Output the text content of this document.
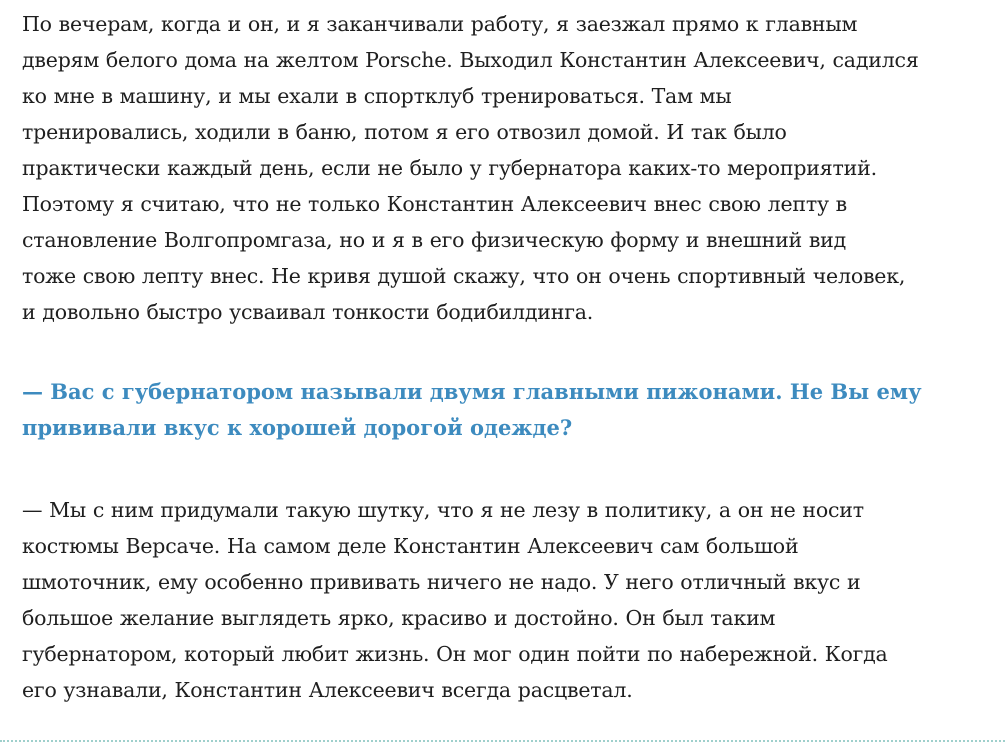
По вечерам, когда и он, и я заканчивали работу, я заезжал прямо к главным
дверям белого дома на желтом Porsche. Выходил Константин Алексеевич, садился
ко мне в машину, и мы ехали в спортклуб тренироваться. Там мы
тренировались, ходили в баню, потом я его отвозил домой. И так было
практически каждый день, если не было у губернатора каких-то мероприятий.
Поэтому я считаю, что не только Константин Алексеевич внес свою лепту в
становление Волгопромгаза, но и я в его физическую форму и внешний вид
тоже свою лепту внес. Не кривя душой скажу, что он очень спортивный человек,
и довольно быстро усваивал тонкости бодибилдинга.

— Вас с губернатором называли двумя главными пижонами. Не Вы ему
прививали вкус к хорошей дорогой одежде?

— Мы с ним придумали такую шутку, что я не лезу в политику, а он не носит
костюмы Версаче. На самом деле Константин Алексеевич сам большой
шмоточник, ему особенно прививать ничего не надо. У него отличный вкус и
большое желание выглядеть ярко, красиво и достойно. Он был таким
губернатором, который любит жизнь. Он мог один пойти по набережной. Когда
его узнавали, Константин Алексеевич всегда расцветал.
